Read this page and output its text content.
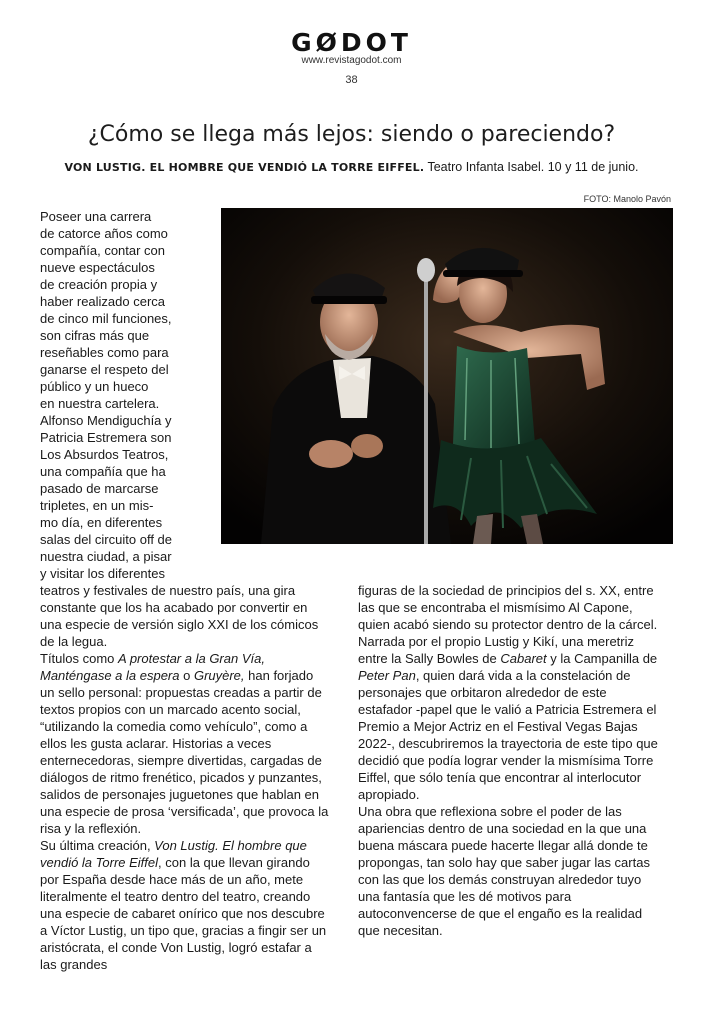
GØDOT
www.revistagodot.com
38
¿Cómo se llega más lejos: siendo o pareciendo?
VON LUSTIG. EL HOMBRE QUE VENDIÓ LA TORRE EIFFEL. Teatro Infanta Isabel. 10 y 11 de junio.
FOTO: Manolo Pavón
Poseer una carrera
de catorce años como
compañía, contar con
nueve espectáculos
de creación propia y
haber realizado cerca
de cinco mil funciones,
son cifras más que
reseñables como para
ganarse el respeto del
público y un hueco
en nuestra cartelera.
Alfonso Mendiguchía y
Patricia Estremera son
Los Absurdos Teatros,
una compañía que ha
pasado de marcarse
tripletes, en un mis-
mo día, en diferentes
salas del circuito off de
nuestra ciudad, a pisar
y visitar los diferentes

teatros y festivales de nuestro país, una gira constante que los ha acabado por convertir en una especie de versión siglo XXI de los cómicos de la legua.

Títulos como A protestar a la Gran Vía, Manténgase a la espera o Gruyère, han forjado un sello personal: propuestas creadas a partir de textos propios con un marcado acento social, “utilizando la comedia como vehículo”, como a ellos les gusta aclarar. Historias a veces enternecedoras, siempre divertidas, cargadas de diálogos de ritmo frenético, picados y punzantes, salidos de personajes juguetones que hablan en una especie de prosa ‘versificada’, que provoca la risa y la reflexión.

Su última creación, Von Lustig. El hombre que vendió la Torre Eiffel, con la que llevan girando por España desde hace más de un año, mete literalmente el teatro dentro del teatro, creando una especie de cabaret onírico que nos descubre a Víctor Lustig, un tipo que, gracias a fingir ser un aristócrata, el conde Von Lustig, logró estafar a las grandes

figuras de la sociedad de principios del s. XX, entre las que se encontraba el mismísimo Al Capone, quien acabó siendo su protector dentro de la cárcel.

Narrada por el propio Lustig y Kikí, una meretriz entre la Sally Bowles de Cabaret y la Campanilla de Peter Pan, quien dará vida a la constelación de personajes que orbitaron alrededor de este estafador -papel que le valió a Patricia Estremera el Premio a Mejor Actriz en el Festival Vegas Bajas 2022-, descubriremos la trayectoria de este tipo que decidió que podía lograr vender la mismísima Torre Eiffel, que sólo tenía que encontrar al interlocutor apropiado.

Una obra que reflexiona sobre el poder de las apariencias dentro de una sociedad en la que una buena máscara puede hacerte llegar allá donde te propongas, tan solo hay que saber jugar las cartas con las que los demás construyan alrededor tuyo una fantasía que les dé motivos para autoconvencerse de que el engaño es la realidad que necesitan.
